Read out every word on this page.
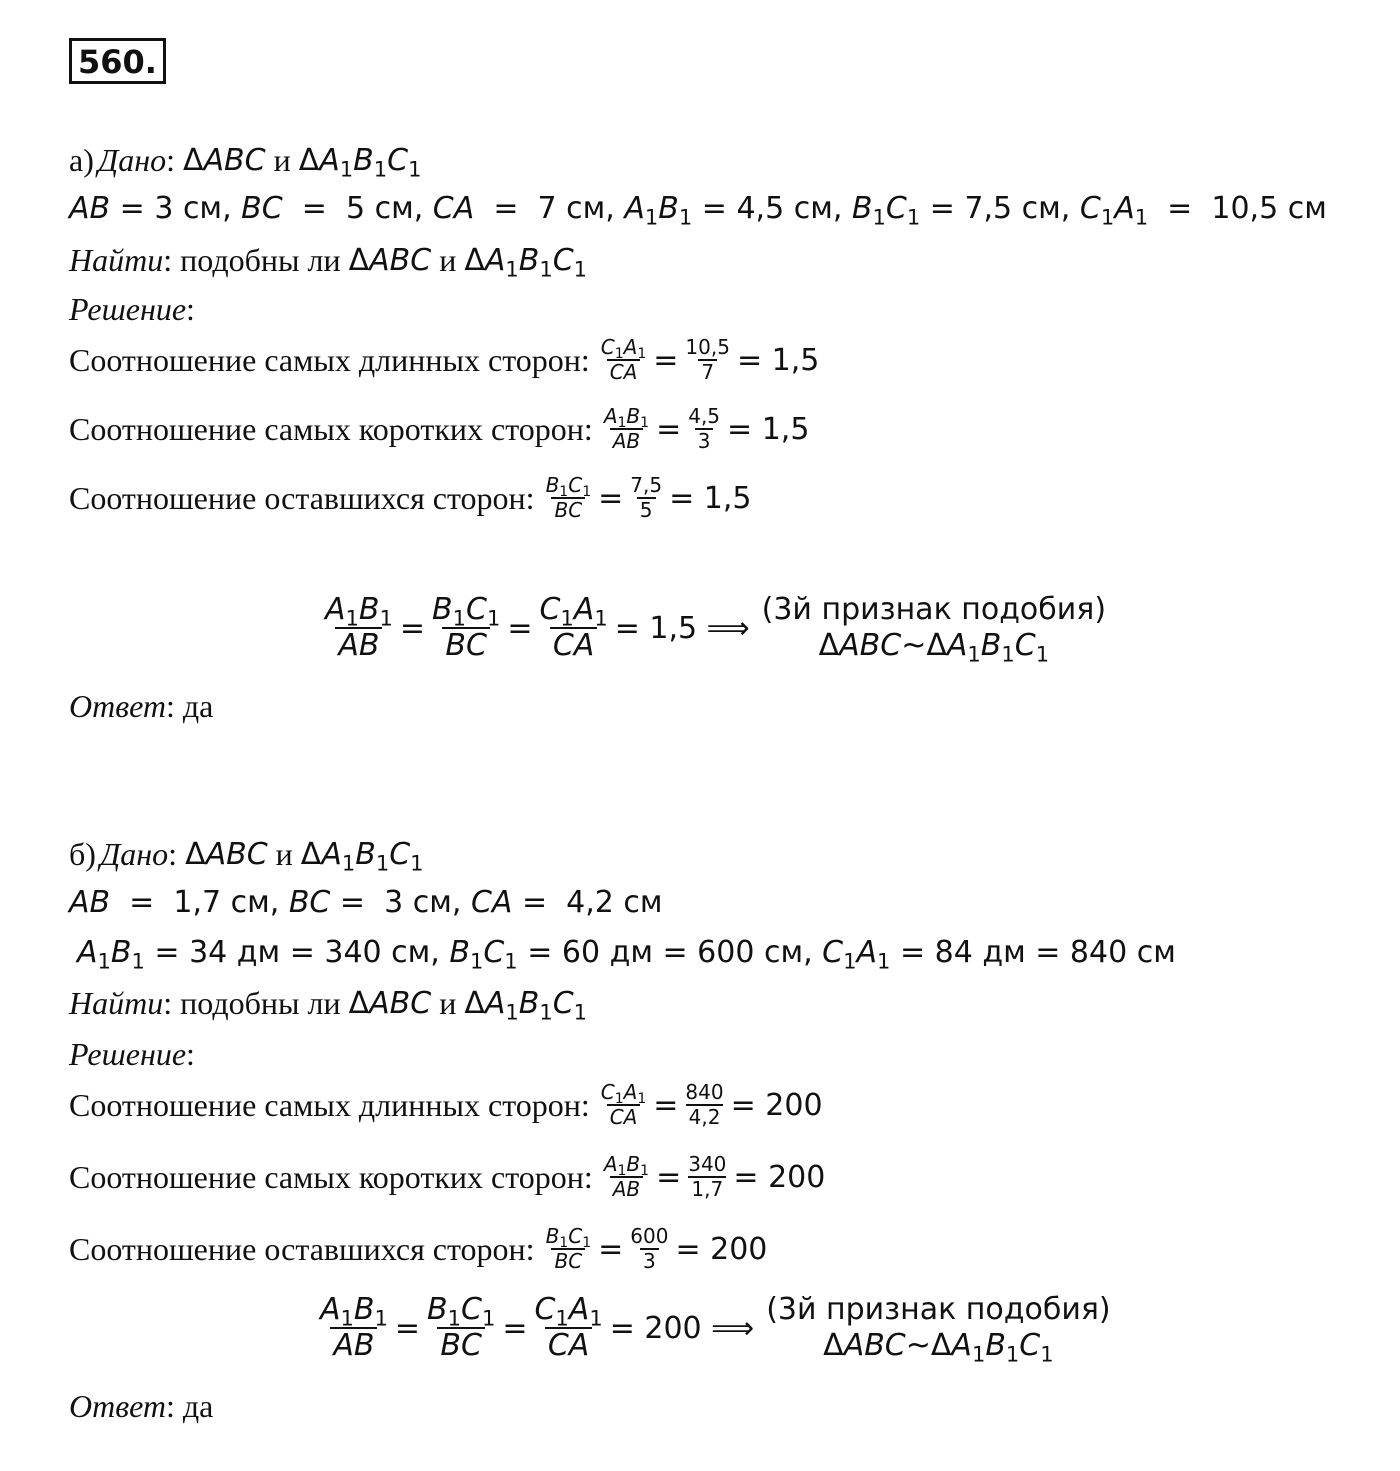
560.
а) Дано : ΔABC
и
$\Delta A_1B_1C_1$
AB = 3 см, BC  =  5 см, CA  =  7 см, $A_1B_1 = 4,5$ см, $B_1C_1 = 7,5$ см, $C_1A_1 = 10,5$ см
Найти : подобны ли
ΔABC
и
$\Delta A_1B_1C_1$
Решение :
Соотношение самых длинных сторон: $\frac{C_1A_1}{CA} = \frac{10,5}{7} = 1,5$
Соотношение самых коротких сторон: $\frac{A_1B_1}{AB} = \frac{4,5}{3} = 1,5$
Соотношение оставшихся сторон: $\frac{B_1C_1}{BC} = \frac{7,5}{5} = 1,5$
$\frac{A_1B_1}{AB} = \frac{B_1C_1}{BC} = \frac{C_1A_1}{CA} = 1,5$ ⟹
(3й признак подобия)
$\Delta ABC\sim\Delta A_1B_1C_1$
Ответ : да
б) Дано : ΔABC
и
$\Delta A_1B_1C_1$
AB  =  1,7 см, BC =  3 см, CA =  4,2 см
$A_1B_1 = 34$ дм = 340 см, $B_1C_1 = 60$ дм = 600 см, $C_1A_1 = 84$ дм = 840 см
Найти : подобны ли
ΔABC
и
$\Delta A_1B_1C_1$
Решение :
Соотношение самых длинных сторон: $\frac{C_1A_1}{CA} = \frac{840}{4,2} = 200$
Соотношение самых коротких сторон: $\frac{A_1B_1}{AB} = \frac{340}{1,7} = 200$
Соотношение оставшихся сторон: $\frac{B_1C_1}{BC} = \frac{600}{3} = 200$
$\frac{A_1B_1}{AB} = \frac{B_1C_1}{BC} = \frac{C_1A_1}{CA} = 200$ ⟹
(3й признак подобия)
$\Delta ABC\sim\Delta A_1B_1C_1$
Ответ : да
